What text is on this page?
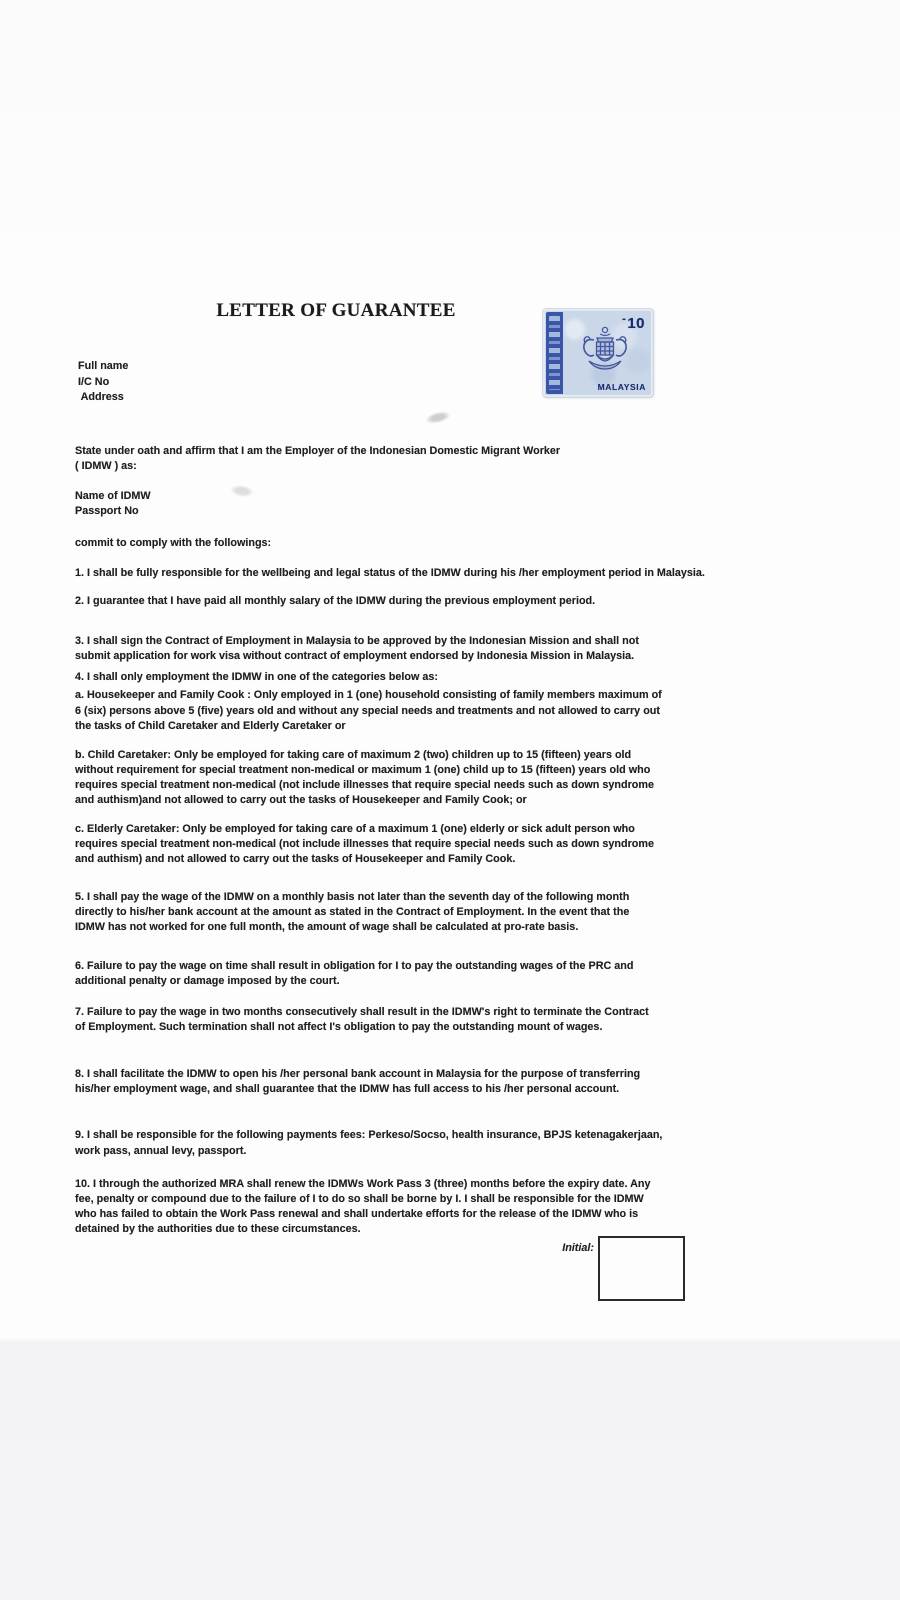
LETTER OF GUARANTEE	-10
MALAYSIA
Full name
I/C No
Address
State under oath and affirm that I am the Employer of the Indonesian Domestic Migrant Worker
( IDMW ) as:
Name of IDMW
Passport No
commit to comply with the followings:
1. I shall be fully responsible for the wellbeing and legal status of the IDMW during his /her employment period in Malaysia.
2. I guarantee that I have paid all monthly salary of the IDMW during the previous employment period.
3. I shall sign the Contract of Employment in Malaysia to be approved by the Indonesian Mission and shall not
submit application for work visa without contract of employment endorsed by Indonesia Mission in Malaysia.
4. I shall only employment the IDMW in one of the categories below as:
a. Housekeeper and Family Cook : Only employed in 1 (one) household consisting of family members maximum of
6 (six) persons above 5 (five) years old and without any special needs and treatments and not allowed to carry out
the tasks of Child Caretaker and Elderly Caretaker or
b. Child Caretaker: Only be employed for taking care of maximum 2 (two) children up to 15 (fifteen) years old
without requirement for special treatment non-medical or maximum 1 (one) child up to 15 (fifteen) years old who
requires special treatment non-medical (not include illnesses that require special needs such as down syndrome
and authism)and not allowed to carry out the tasks of Housekeeper and Family Cook; or
c. Elderly Caretaker: Only be employed for taking care of a maximum 1 (one) elderly or sick adult person who
requires special treatment non-medical (not include illnesses that require special needs such as down syndrome
and authism) and not allowed to carry out the tasks of Housekeeper and Family Cook.
5. I shall pay the wage of the IDMW on a monthly basis not later than the seventh day of the following month
directly to his/her bank account at the amount as stated in the Contract of Employment. In the event that the
IDMW has not worked for one full month, the amount of wage shall be calculated at pro-rate basis.
6. Failure to pay the wage on time shall result in obligation for I to pay the outstanding wages of the PRC and
additional penalty or damage imposed by the court.
7. Failure to pay the wage in two months consecutively shall result in the IDMW's right to terminate the Contract
of Employment. Such termination shall not affect I's obligation to pay the outstanding mount of wages.
8. I shall facilitate the IDMW to open his /her personal bank account in Malaysia for the purpose of transferring
his/her employment wage, and shall guarantee that the IDMW has full access to his /her personal account.
9. I shall be responsible for the following payments fees: Perkeso/Socso, health insurance, BPJS ketenagakerjaan,
work pass, annual levy, passport.
10. I through the authorized MRA shall renew the IDMWs Work Pass 3 (three) months before the expiry date. Any
fee, penalty or compound due to the failure of I to do so shall be borne by I. I shall be responsible for the IDMW
who has failed to obtain the Work Pass renewal and shall undertake efforts for the release of the IDMW who is
detained by the authorities due to these circumstances.
Initial:
